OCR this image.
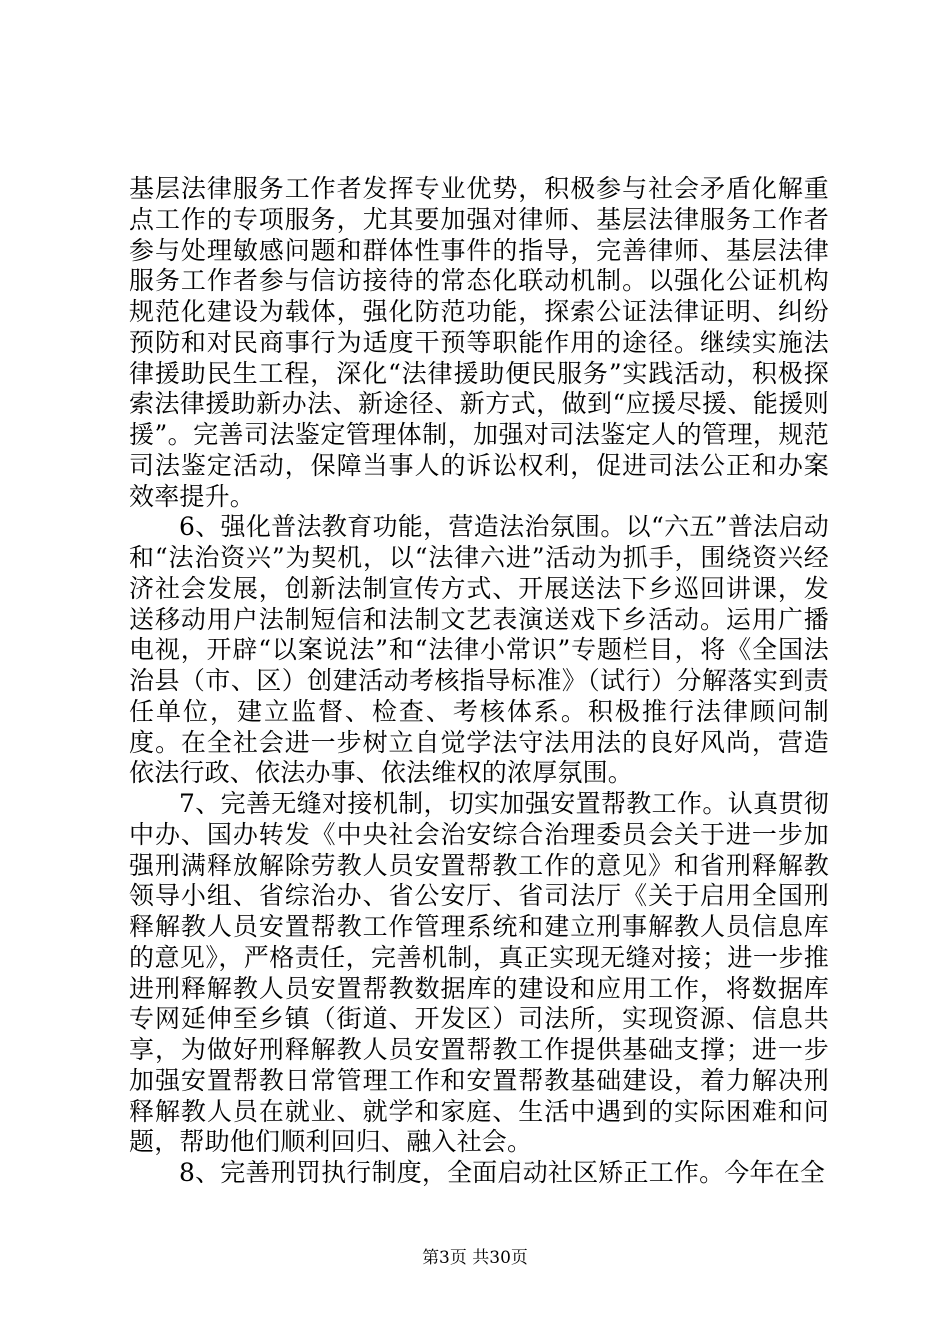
基层法律服务工作者发挥专业优势，积极参与社会矛盾化解重点工作的专项服务，尤其要加强对律师、基层法律服务工作者参与处理敏感问题和群体性事件的指导，完善律师、基层法律服务工作者参与信访接待的常态化联动机制。以强化公证机构规范化建设为载体，强化防范功能，探索公证法律证明、纠纷预防和对民商事行为适度干预等职能作用的途径。继续实施法律援助民生工程，深化“法律援助便民服务”实践活动，积极探索法律援助新办法、新途径、新方式，做到“应援尽援、能援则援”。完善司法鉴定管理体制，加强对司法鉴定人的管理，规范司法鉴定活动，保障当事人的诉讼权利，促进司法公正和办案效率提升。

6、强化普法教育功能，营造法治氛围。以“六五”普法启动和“法治资兴”为契机，以“法律六进”活动为抓手，围绕资兴经济社会发展，创新法制宣传方式、开展送法下乡巡回讲课，发送移动用户法制短信和法制文艺表演送戏下乡活动。运用广播电视，开辟“以案说法”和“法律小常识”专题栏目，将《全国法治县（市、区）创建活动考核指导标准》（试行）分解落实到责任单位，建立监督、检查、考核体系。积极推行法律顾问制度。在全社会进一步树立自觉学法守法用法的良好风尚，营造依法行政、依法办事、依法维权的浓厚氛围。

7、完善无缝对接机制，切实加强安置帮教工作。认真贯彻中办、国办转发《中央社会治安综合治理委员会关于进一步加强刑满释放解除劳教人员安置帮教工作的意见》和省刑释解教领导小组、省综治办、省公安厅、省司法厅《关于启用全国刑释解教人员安置帮教工作管理系统和建立刑事解教人员信息库的意见》，严格责任，完善机制，真正实现无缝对接；进一步推进刑释解教人员安置帮教数据库的建设和应用工作，将数据库专网延伸至乡镇（街道、开发区）司法所，实现资源、信息共享，为做好刑释解教人员安置帮教工作提供基础支撑；进一步加强安置帮教日常管理工作和安置帮教基础建设，着力解决刑释解教人员在就业、就学和家庭、生活中遇到的实际困难和问题，帮助他们顺利回归、融入社会。

8、完善刑罚执行制度，全面启动社区矫正工作。今年在全

第3页 共30页
